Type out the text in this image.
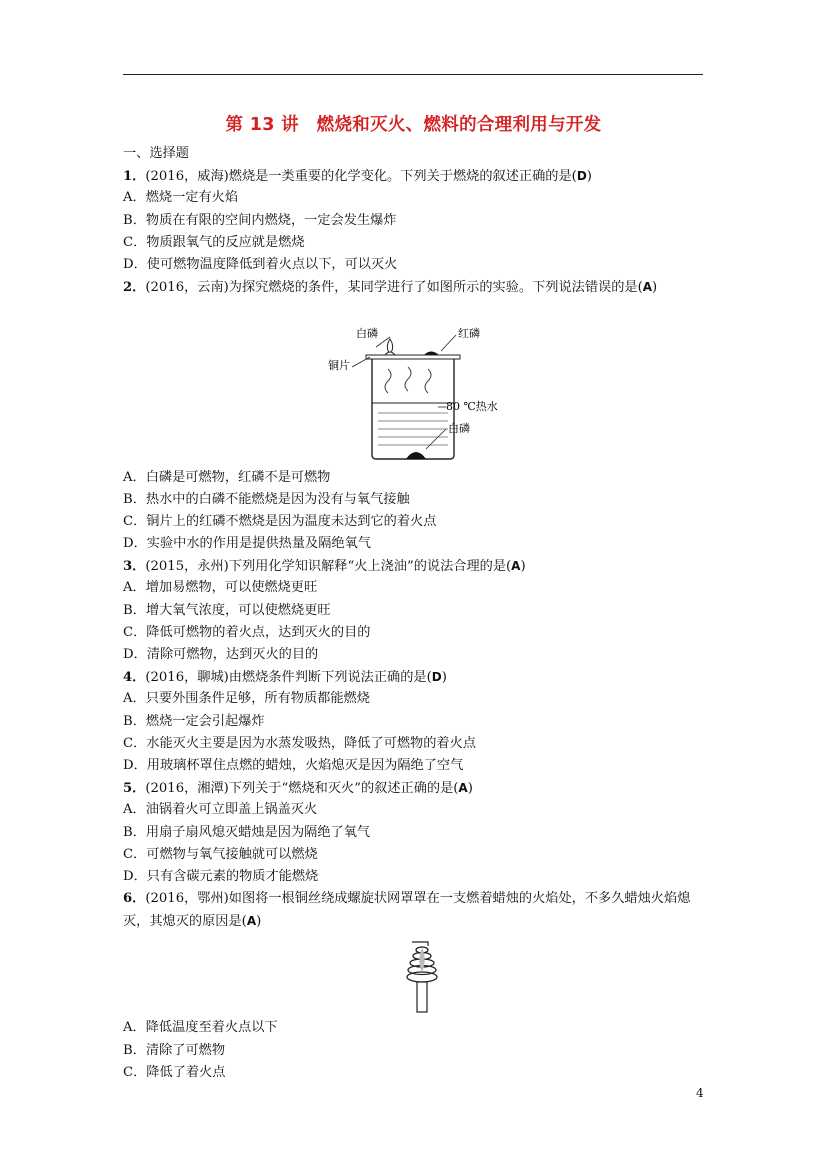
第 13 讲　燃烧和灭火、燃料的合理利用与开发
一、选择题
1．(2016，威海)燃烧是一类重要的化学变化。下列关于燃烧的叙述正确的是(D)
A．燃烧一定有火焰
B．物质在有限的空间内燃烧，一定会发生爆炸
C．物质跟氧气的反应就是燃烧
D．使可燃物温度降低到着火点以下，可以灭火
2．(2016，云南)为探究燃烧的条件，某同学进行了如图所示的实验。下列说法错误的是(A)
白磷	红磷
铜片
80 ℃热水
白磷
A．白磷是可燃物，红磷不是可燃物
B．热水中的白磷不能燃烧是因为没有与氧气接触
C．铜片上的红磷不燃烧是因为温度未达到它的着火点
D．实验中水的作用是提供热量及隔绝氧气
3．(2015，永州)下列用化学知识解释“火上浇油”的说法合理的是(A)
A．增加易燃物，可以使燃烧更旺
B．增大氧气浓度，可以使燃烧更旺
C．降低可燃物的着火点，达到灭火的目的
D．清除可燃物，达到灭火的目的
4．(2016，聊城)由燃烧条件判断下列说法正确的是(D)
A．只要外围条件足够，所有物质都能燃烧
B．燃烧一定会引起爆炸
C．水能灭火主要是因为水蒸发吸热，降低了可燃物的着火点
D．用玻璃杯罩住点燃的蜡烛，火焰熄灭是因为隔绝了空气
5．(2016，湘潭)下列关于“燃烧和灭火”的叙述正确的是(A)
A．油锅着火可立即盖上锅盖灭火
B．用扇子扇风熄灭蜡烛是因为隔绝了氧气
C．可燃物与氧气接触就可以燃烧
D．只有含碳元素的物质才能燃烧
6．(2016，鄂州)如图将一根铜丝绕成螺旋状网罩罩在一支燃着蜡烛的火焰处，不多久蜡烛火焰熄灭，其熄灭的原因是(A)
A．降低温度至着火点以下
B．清除了可燃物
C．降低了着火点
4
